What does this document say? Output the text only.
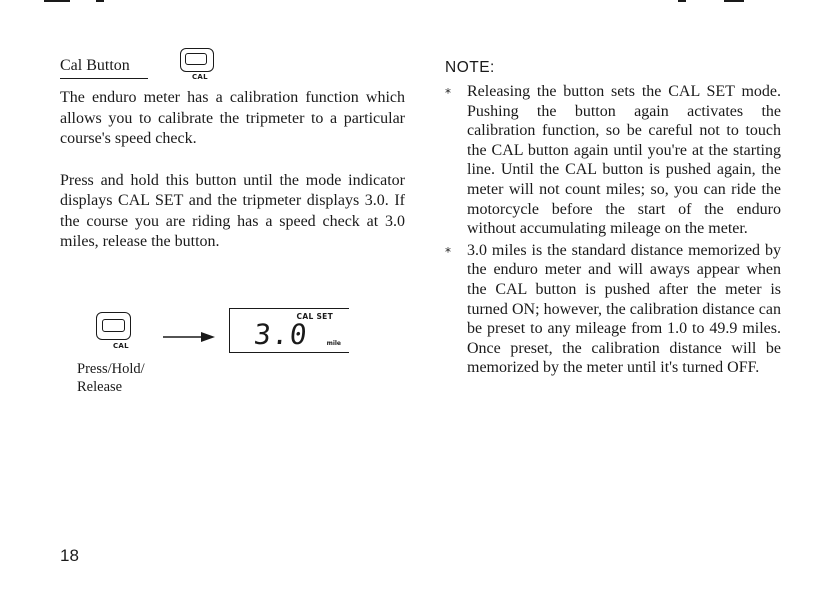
Cal Button
CAL

The enduro meter has a calibration function which allows you to calibrate the tripmeter to a particular course's speed check.

Press and hold this button until the mode indicator displays CAL SET and the tripmeter displays 3.0. If the course you are riding has a speed check at 3.0 miles, release the button.

CAL
CAL SET
3.0	mile
Press/Hold/
Release
NOTE:
* Releasing the button sets the CAL SET mode. Pushing the button again activates the calibration function, so be careful not to touch the CAL button again until you're at the starting line. Until the CAL button is pushed again, the meter will not count miles; so, you can ride the motorcycle before the start of the enduro without accumulating mileage on the meter.

* 3.0 miles is the standard distance memorized by the enduro meter and will aways appear when the CAL button is pushed after the meter is turned ON; however, the calibration distance can be preset to any mileage from 1.0 to 49.9 miles. Once preset, the calibration distance will be memorized by the meter until it's turned OFF.

18
